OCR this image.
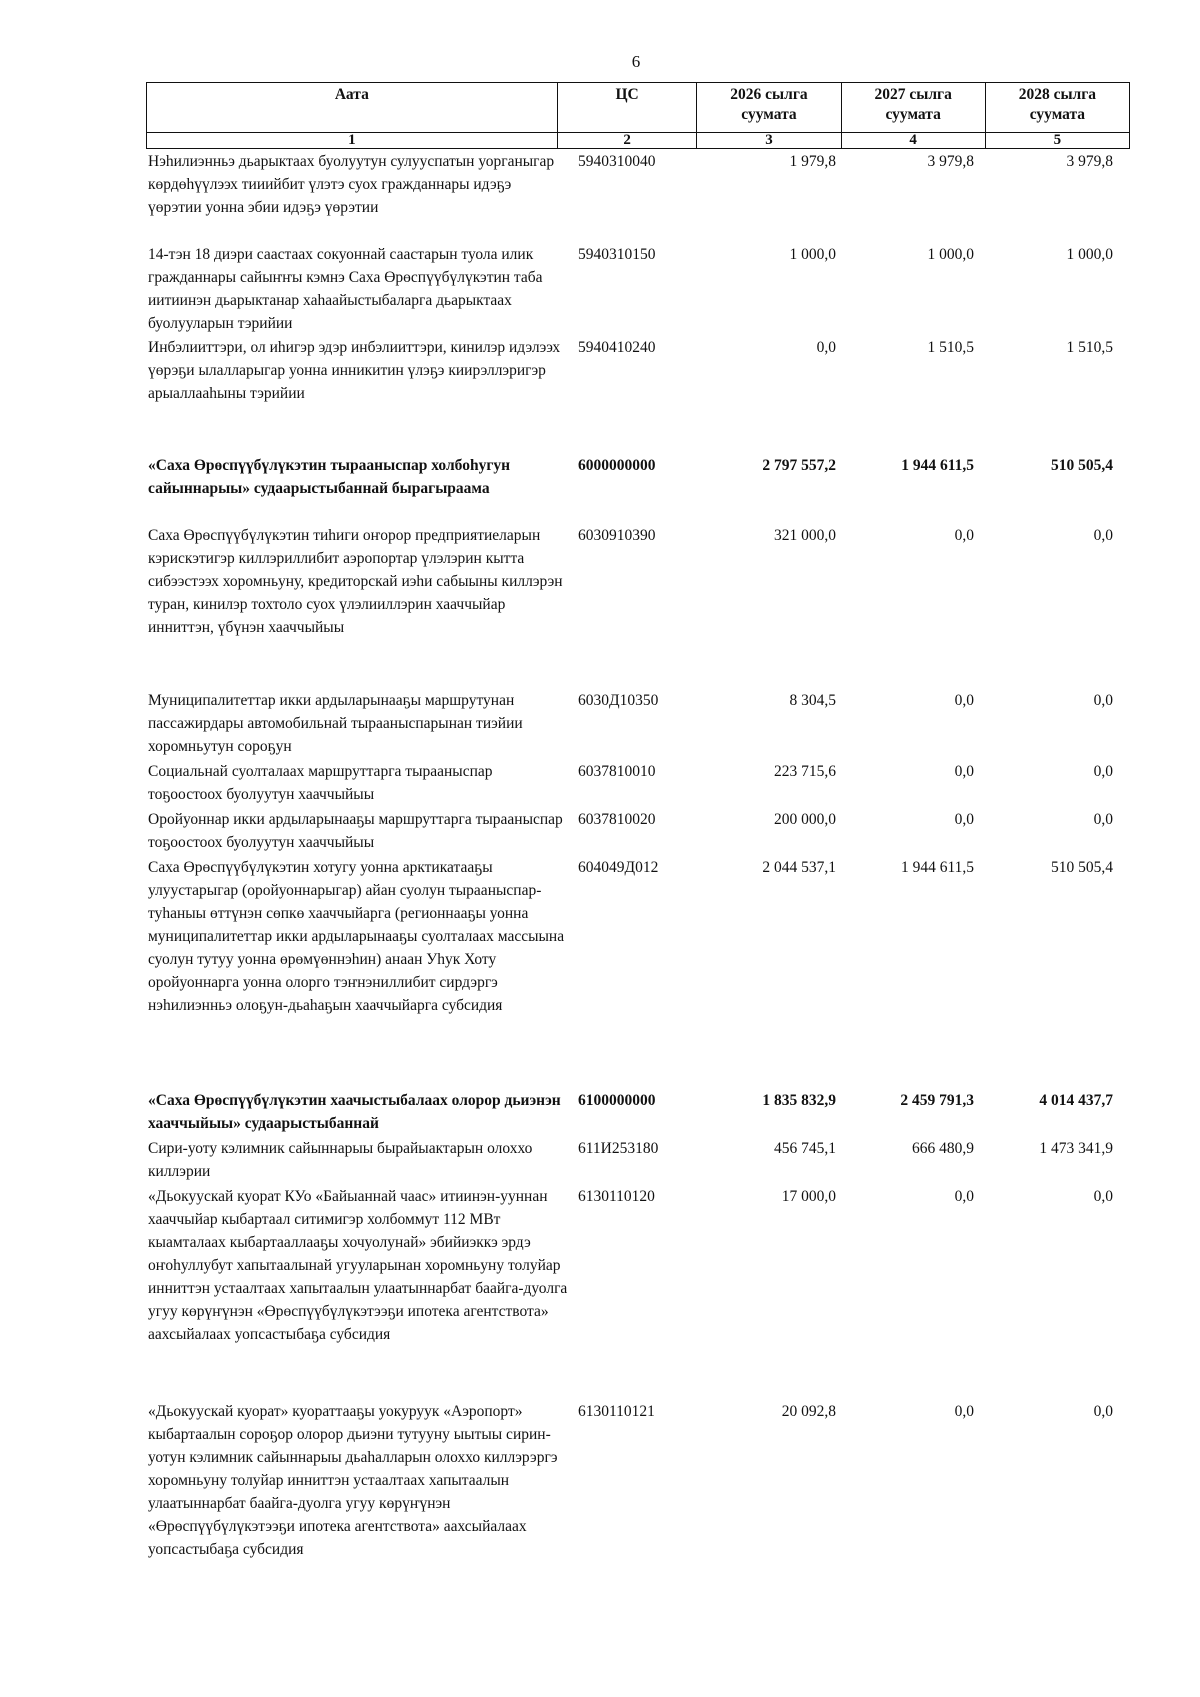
6
Аата	ЦС	2026 сылга суумата	2027 сылга суумата	2028 сылга суумата
1	2	3	4	5
Нэһилиэнньэ дьарыктаах буолуутун сулууспатын уорганыгар көрдөһүүлээх тииийбит үлэтэ суох гражданнары идэҕэ үөрэтии уонна эбии идэҕэ үөрэтии
5940310040	1 979,8	3 979,8	3 979,8
14-тэн 18 диэри саастаах сокуоннай саастарын туола илик гражданнары сайыҥҥы кэмнэ Саха Өрөспүүбүлүкэтин таба иитиинэн дьарыктанар хаһаайыстыбаларга дьарыктаах буолууларын тэрийии
5940310150	1 000,0	1 000,0	1 000,0
Инбэлииттэри, ол иһигэр эдэр инбэлииттэри, кинилэр идэлээх үөрэҕи ылалларыгар уонна инникитин үлэҕэ киирэллэригэр арыаллааһыны тэрийии
5940410240	0,0	1 510,5	1 510,5
«Саха Өрөспүүбүлүкэтин тырааныспар холбоһугун сайыннарыы» судаарыстыбаннай бырагыраама
6000000000	2 797 557,2	1 944 611,5	510 505,4
Саха Өрөспүүбүлүкэтин тиһиги оҥорор предприятиеларын кэрискэтигэр киллэриллибит аэропортар үлэлэрин кытта сибээстээх хоромньуну, кредиторскай иэһи сабыыны киллэрэн туран, кинилэр тохтоло суох үлэлииллэрин хааччыйар инниттэн, үбүнэн хааччыйыы
6030910390	321 000,0	0,0	0,0
Муниципалитеттар икки ардыларынааҕы маршрутунан пассажирдары автомобильнай тырааныспарынан тиэйии хоромньутун сороҕун
6030Д10350	8 304,5	0,0	0,0
Социальнай суолталаах маршруттарга тырааныспар тоҕоостоох буолуутун хааччыйыы
6037810010	223 715,6	0,0	0,0
Оройуоннар икки ардыларынааҕы маршруттарга тырааныспар тоҕоостоох буолуутун хааччыйыы
6037810020	200 000,0	0,0	0,0
Саха Өрөспүүбүлүкэтин хотугу уонна арктикатааҕы улуустарыгар (оройуоннарыгар) айан суолун тырааныспар-туһаныы өттүнэн сөпкө хааччыйарга (регионнааҕы уонна муниципалитеттар икки ардыларынааҕы суолталаах массыына суолун тутуу уонна өрөмүөннэһин) анаан Уһук Хоту оройуоннарга уонна олорго тэҥнэниллибит сирдэргэ нэһилиэнньэ олоҕун-дьаһаҕын хааччыйарга субсидия
604049Д012	2 044 537,1	1 944 611,5	510 505,4
«Саха Өрөспүүбүлүкэтин хаачыстыбалаах олорор дьиэнэн хааччыйыы» судаарыстыбаннай
6100000000	1 835 832,9	2 459 791,3	4 014 437,7
Сири-уоту кэлимник сайыннарыы бырайыактарын олоххо киллэрии
611И253180	456 745,1	666 480,9	1 473 341,9
«Дьокуускай куорат КУо «Байыаннай чаас» итиинэн-ууннан хааччыйар кыбартаал ситимигэр холбоммут 112 МВт кыамталаах кыбартааллааҕы хочуолунай» эбийиэккэ эрдэ оҥоһуллубут хапытаалынай угууларынан хоромньуну толуйар инниттэн устаалтаах хапытаалын улаатыннарбат баайга-дуолга угуу көрүҥүнэн «Өрөспүүбүлүкэтээҕи ипотека агентствота» аахсыйалаах уопсастыбаҕа субсидия
6130110120	17 000,0	0,0	0,0
«Дьокуускай куорат» куораттааҕы уокуруук «Аэропорт» кыбартаалын сороҕор олорор дьиэни тутууну ыытыы сирин-уотун кэлимник сайыннарыы дьаһалларын олоххо киллэрэргэ хоромньуну толуйар инниттэн устаалтаах хапытаалын улаатыннарбат баайга-дуолга угуу көрүҥүнэн «Өрөспүүбүлүкэтээҕи ипотека агентствота» аахсыйалаах уопсастыбаҕа субсидия
6130110121	20 092,8	0,0	0,0
